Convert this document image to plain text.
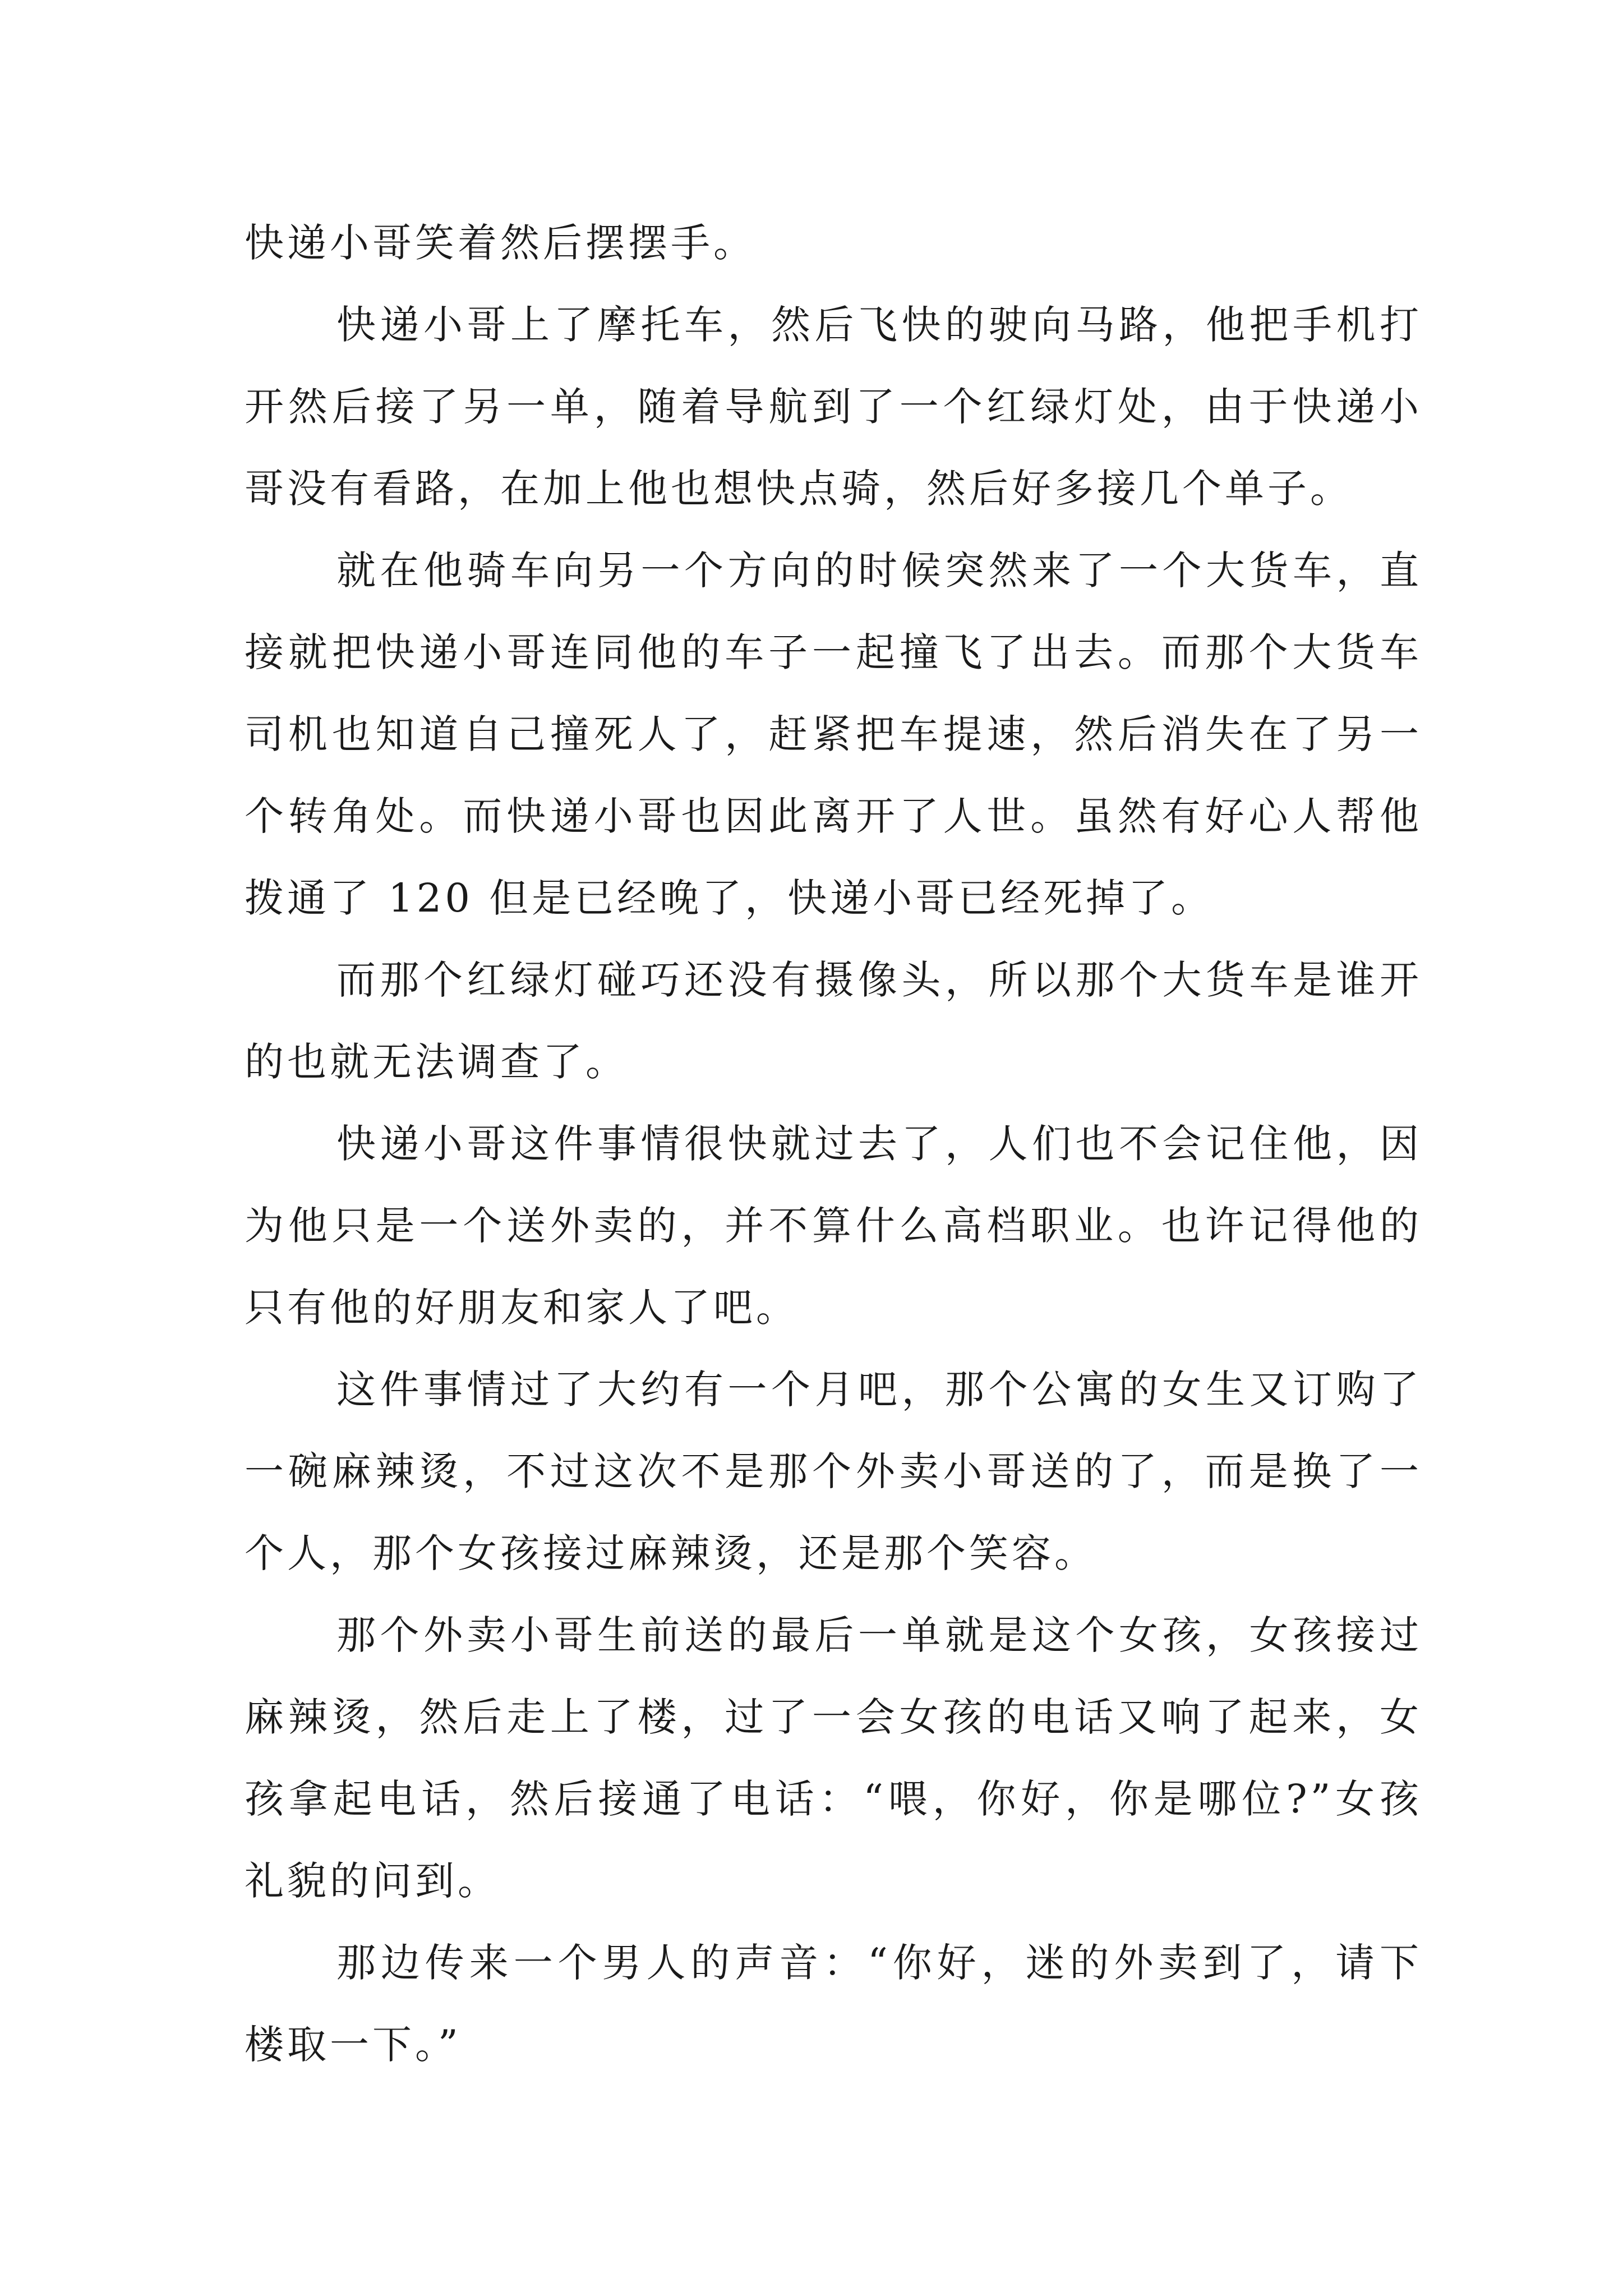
快递小哥笑着然后摆摆手。

快递小哥上了摩托车，然后飞快的驶向马路，他把手机打开然后接了另一单，随着导航到了一个红绿灯处，由于快递小哥没有看路，在加上他也想快点骑，然后好多接几个单子。

就在他骑车向另一个方向的时候突然来了一个大货车，直接就把快递小哥连同他的车子一起撞飞了出去。而那个大货车司机也知道自己撞死人了，赶紧把车提速，然后消失在了另一个转角处。而快递小哥也因此离开了人世。虽然有好心人帮他拨通了 120 但是已经晚了，快递小哥已经死掉了。

而那个红绿灯碰巧还没有摄像头，所以那个大货车是谁开的也就无法调查了。

快递小哥这件事情很快就过去了，人们也不会记住他，因为他只是一个送外卖的，并不算什么高档职业。也许记得他的只有他的好朋友和家人了吧。

这件事情过了大约有一个月吧，那个公寓的女生又订购了一碗麻辣烫，不过这次不是那个外卖小哥送的了，而是换了一个人，那个女孩接过麻辣烫，还是那个笑容。

那个外卖小哥生前送的最后一单就是这个女孩，女孩接过麻辣烫，然后走上了楼，过了一会女孩的电话又响了起来，女孩拿起电话，然后接通了电话：“喂，你好，你是哪位?”女孩礼貌的问到。

那边传来一个男人的声音：“你好，迷的外卖到了，请下楼取一下。”
